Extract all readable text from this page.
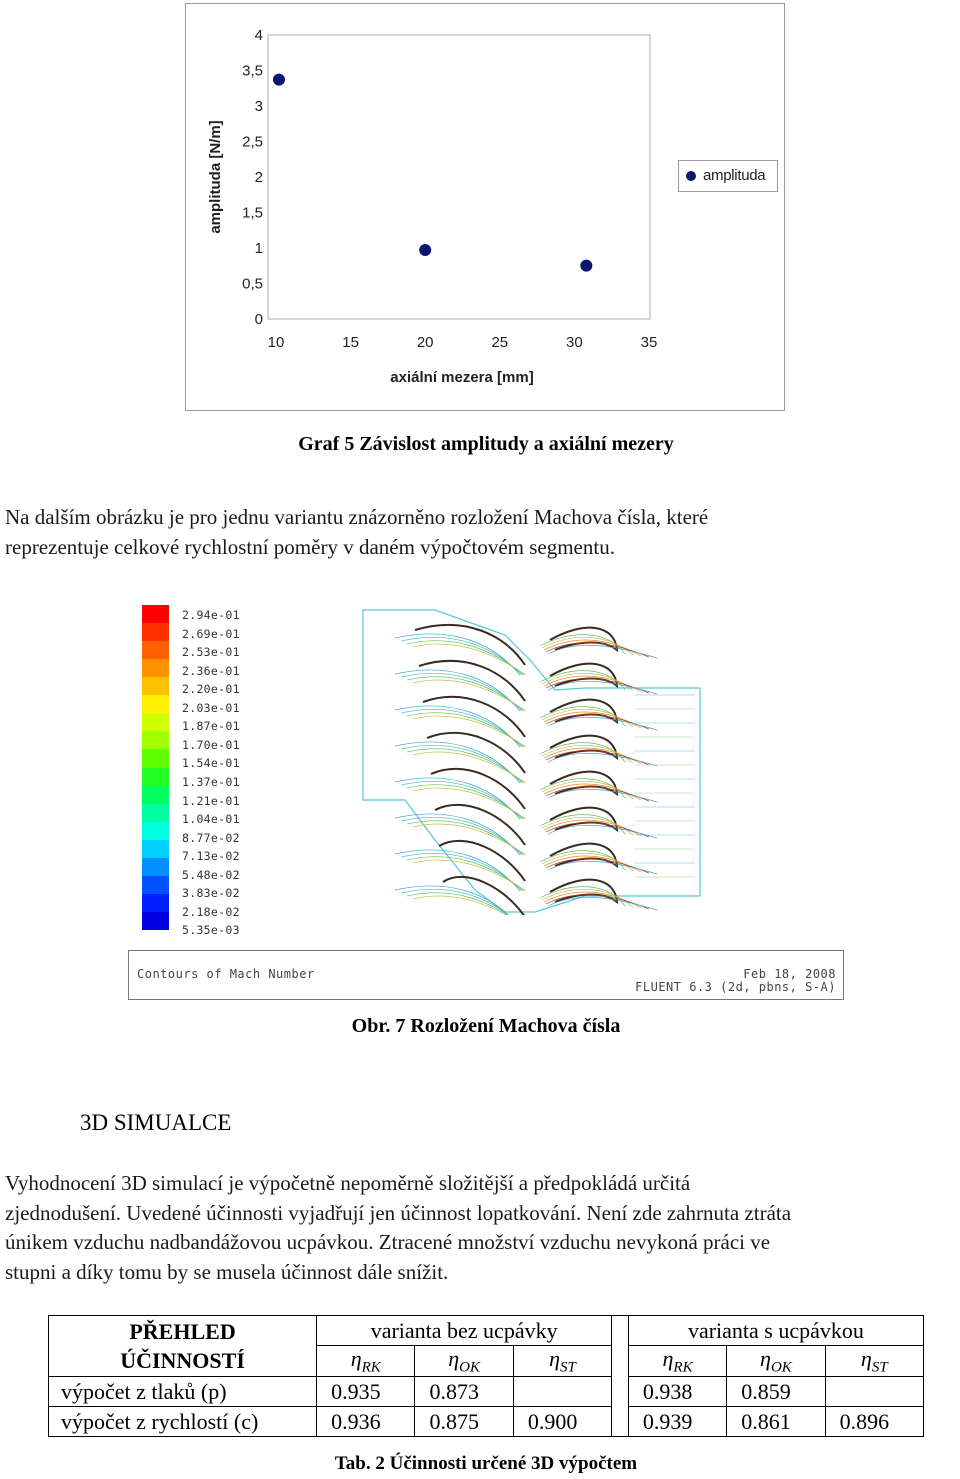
4
3,5
3
2,5
2
1,5
1
0,5
0
10	15	20	25	30	35
amplituda [N/m]
axiální mezera [mm]
amplituda
Graf 5 Závislost amplitudy a axiální mezery
Na dalším obrázku je pro jednu variantu znázorněno rozložení Machova čísla, které
reprezentuje celkové rychlostní poměry v daném výpočtovém segmentu.
2.94e-01
2.69e-01
2.53e-01
2.36e-01
2.20e-01
2.03e-01
1.87e-01
1.70e-01
1.54e-01
1.37e-01
1.21e-01
1.04e-01
8.77e-02
7.13e-02
5.48e-02
3.83e-02
2.18e-02
5.35e-03
Contours of Mach Number	Feb 18, 2008
FLUENT 6.3 (2d, pbns, S-A)
Obr. 7 Rozložení Machova čísla
3D SIMUALCE
Vyhodnocení 3D simulací je výpočetně nepoměrně složitější a předpokládá určitá
zjednodušení. Uvedené účinnosti vyjadřují jen účinnost lopatkování. Není zde zahrnuta ztráta
únikem vzduchu nadbandážovou ucpávkou. Ztracené množství vzduchu nevykoná práci ve
stupni a díky tomu by se musela účinnost dále snížit.
PŘEHLED
ÚČINNOSTÍ	varianta bez ucpávky				varianta s ucpávkou		
	$\eta_{RK}$	$\eta_{OK}$	$\eta_{ST}$		$\eta_{RK}$	$\eta_{OK}$	$\eta_{ST}$
výpočet z tlaků (p)	0.935	0.873			0.938	0.859	
výpočet z rychlostí (c)	0.936	0.875	0.900		0.939	0.861	0.896
Tab. 2 Účinnosti určené 3D výpočtem
